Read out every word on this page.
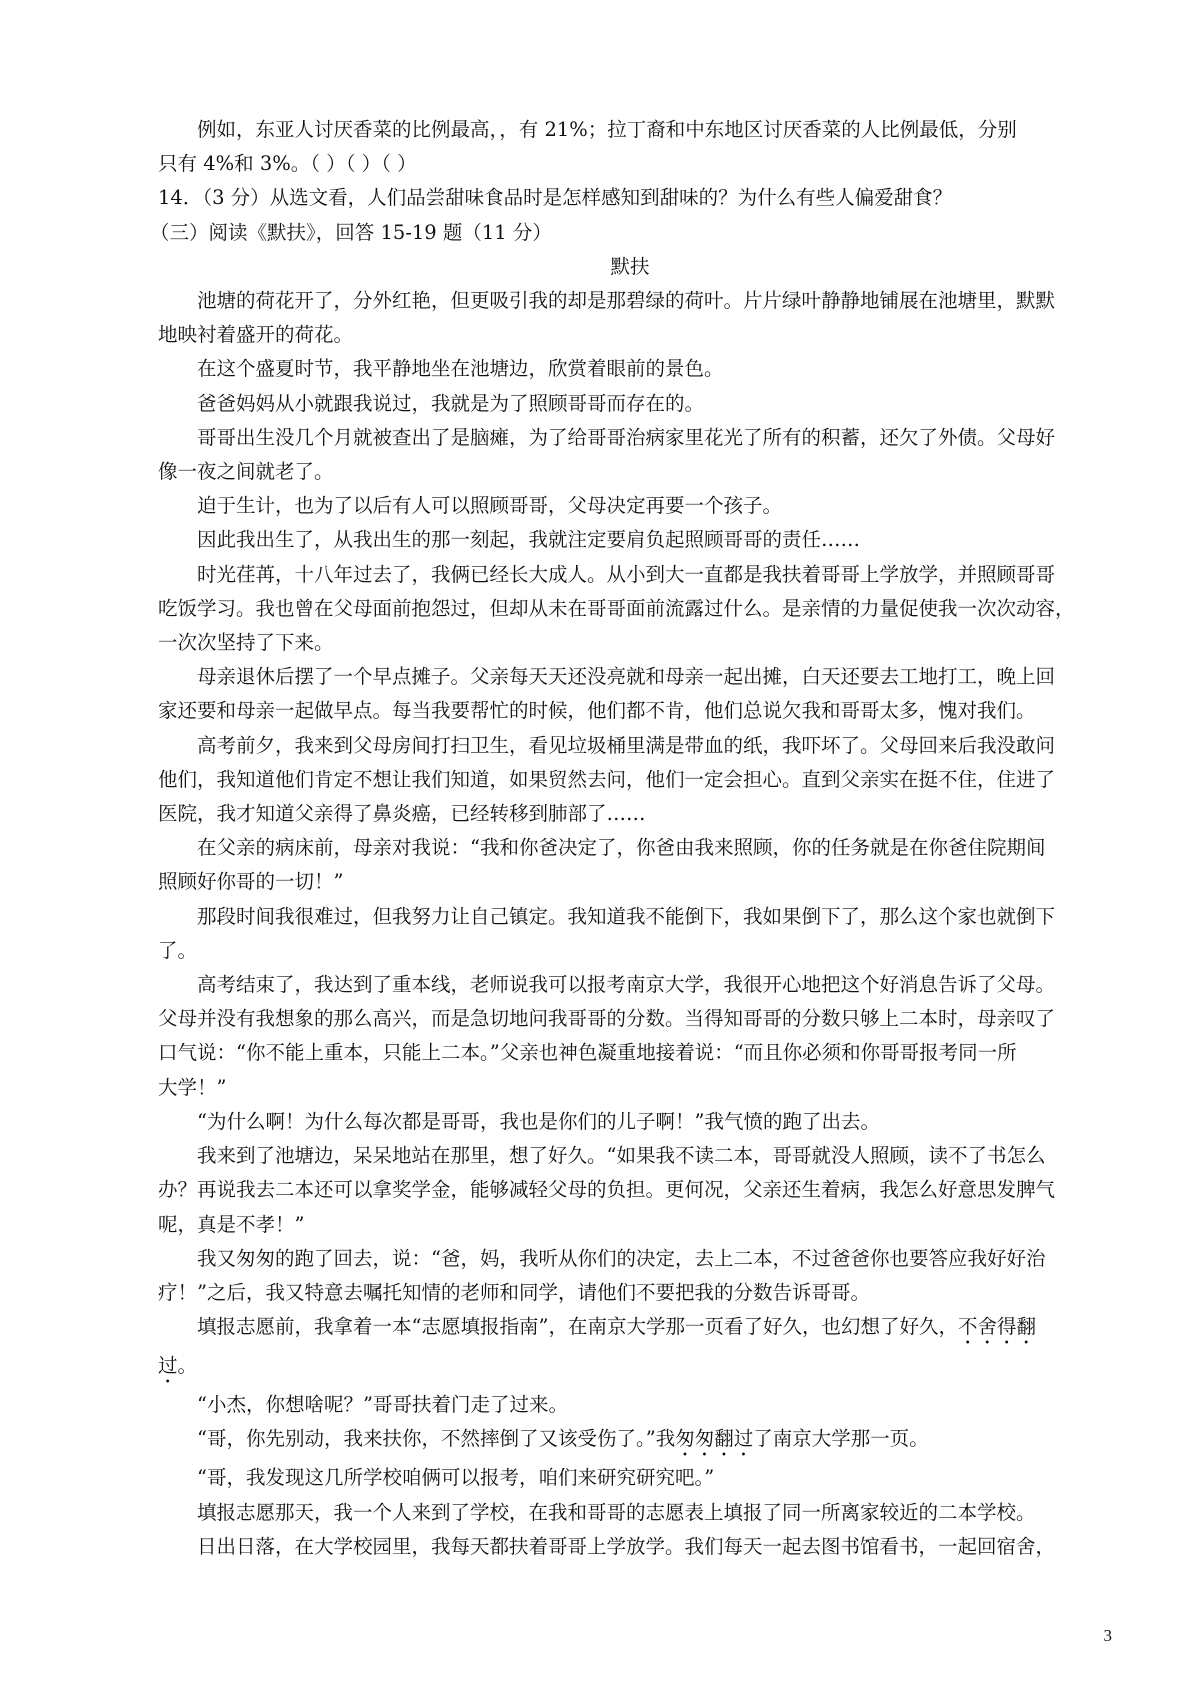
例如，东亚人讨厌香菜的比例最高，，有 21%；拉丁裔和中东地区讨厌香菜的人比例最低，分别

只有 4%和 3%。（ ）（ ）（ ）

14．（3 分）从选文看，人们品尝甜味食品时是怎样感知到甜味的？为什么有些人偏爱甜食？

（三）阅读《默扶》，回答 15-19 题（11 分）

默扶

池塘的荷花开了，分外红艳，但更吸引我的却是那碧绿的荷叶。片片绿叶静静地铺展在池塘里，默默

地映衬着盛开的荷花。

在这个盛夏时节，我平静地坐在池塘边，欣赏着眼前的景色。

爸爸妈妈从小就跟我说过，我就是为了照顾哥哥而存在的。

哥哥出生没几个月就被查出了是脑瘫，为了给哥哥治病家里花光了所有的积蓄，还欠了外债。父母好

像一夜之间就老了。

迫于生计，也为了以后有人可以照顾哥哥，父母决定再要一个孩子。

因此我出生了，从我出生的那一刻起，我就注定要肩负起照顾哥哥的责任……

时光荏苒，十八年过去了，我俩已经长大成人。从小到大一直都是我扶着哥哥上学放学，并照顾哥哥

吃饭学习。我也曾在父母面前抱怨过，但却从未在哥哥面前流露过什么。是亲情的力量促使我一次次动容，

一次次坚持了下来。

母亲退休后摆了一个早点摊子。父亲每天天还没亮就和母亲一起出摊，白天还要去工地打工，晚上回

家还要和母亲一起做早点。每当我要帮忙的时候，他们都不肯，他们总说欠我和哥哥太多，愧对我们。

高考前夕，我来到父母房间打扫卫生，看见垃圾桶里满是带血的纸，我吓坏了。父母回来后我没敢问

他们，我知道他们肯定不想让我们知道，如果贸然去问，他们一定会担心。直到父亲实在挺不住，住进了

医院，我才知道父亲得了鼻炎癌，已经转移到肺部了……

在父亲的病床前，母亲对我说：“我和你爸决定了，你爸由我来照顾，你的任务就是在你爸住院期间

照顾好你哥的一切！”

那段时间我很难过，但我努力让自己镇定。我知道我不能倒下，我如果倒下了，那么这个家也就倒下

了。

高考结束了，我达到了重本线，老师说我可以报考南京大学，我很开心地把这个好消息告诉了父母。

父母并没有我想象的那么高兴，而是急切地问我哥哥的分数。当得知哥哥的分数只够上二本时，母亲叹了

口气说：“你不能上重本，只能上二本。”父亲也神色凝重地接着说：“而且你必须和你哥哥报考同一所

大学！”

“为什么啊！为什么每次都是哥哥，我也是你们的儿子啊！”我气愤的跑了出去。

我来到了池塘边，呆呆地站在那里，想了好久。“如果我不读二本，哥哥就没人照顾，读不了书怎么

办？再说我去二本还可以拿奖学金，能够减轻父母的负担。更何况，父亲还生着病，我怎么好意思发脾气

呢，真是不孝！”

我又匆匆的跑了回去，说：“爸，妈，我听从你们的决定，去上二本，不过爸爸你也要答应我好好治

疗！”之后，我又特意去嘱托知情的老师和同学，请他们不要把我的分数告诉哥哥。

填报志愿前，我拿着一本“志愿填报指南”，在南京大学那一页看了好久，也幻想了好久，不舍得翻

过。

“小杰，你想啥呢？”哥哥扶着门走了过来。

“哥，你先别动，我来扶你，不然摔倒了又该受伤了。”我匆匆翻过了南京大学那一页。

“哥，我发现这几所学校咱俩可以报考，咱们来研究研究吧。”

填报志愿那天，我一个人来到了学校，在我和哥哥的志愿表上填报了同一所离家较近的二本学校。

日出日落，在大学校园里，我每天都扶着哥哥上学放学。我们每天一起去图书馆看书，一起回宿舍，

3
